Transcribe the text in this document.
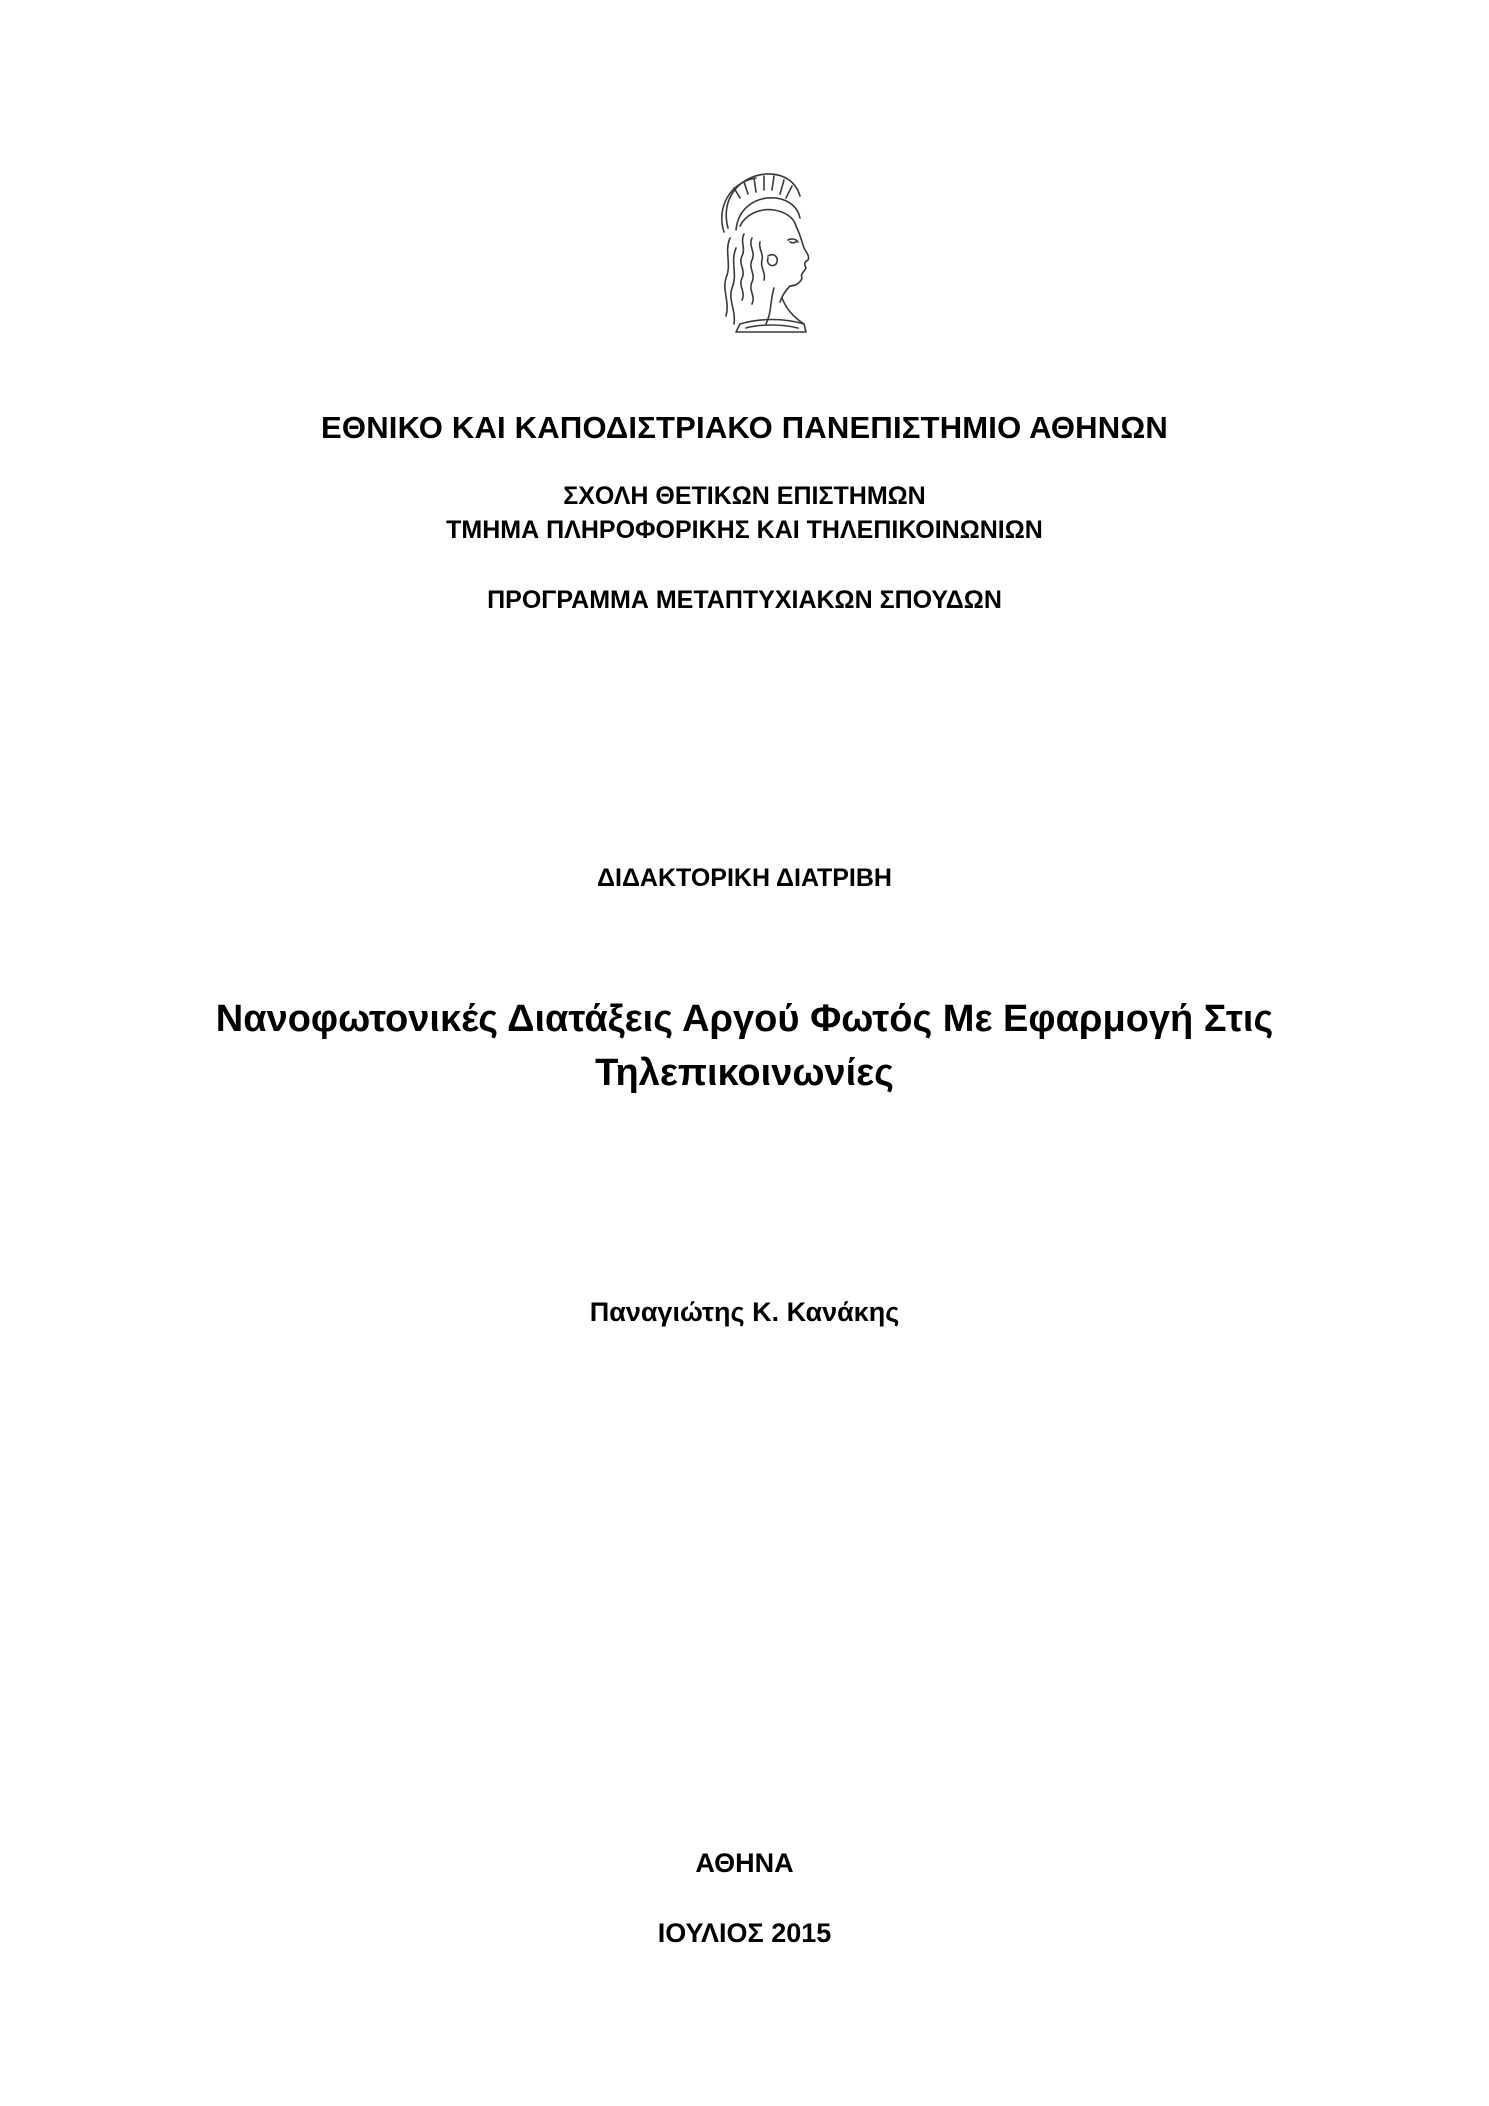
ΕΘΝΙΚΟ ΚΑΙ ΚΑΠΟΔΙΣΤΡΙΑΚΟ ΠΑΝΕΠΙΣΤΗΜΙΟ ΑΘΗΝΩΝ
ΣΧΟΛΗ ΘΕΤΙΚΩΝ ΕΠΙΣΤΗΜΩΝ
ΤΜΗΜΑ ΠΛΗΡΟΦΟΡΙΚΗΣ ΚΑΙ ΤΗΛΕΠΙΚΟΙΝΩΝΙΩΝ
ΠΡΟΓΡΑΜΜΑ ΜΕΤΑΠΤΥΧΙΑΚΩΝ ΣΠΟΥΔΩΝ
ΔΙΔΑΚΤΟΡΙΚΗ ΔΙΑΤΡΙΒΗ
Νανοφωτονικές Διατάξεις Αργού Φωτός Με Εφαρμογή Στις
Τηλεπικοινωνίες
Παναγιώτης Κ. Κανάκης
ΑΘΗΝΑ
ΙΟΥΛΙΟΣ 2015
